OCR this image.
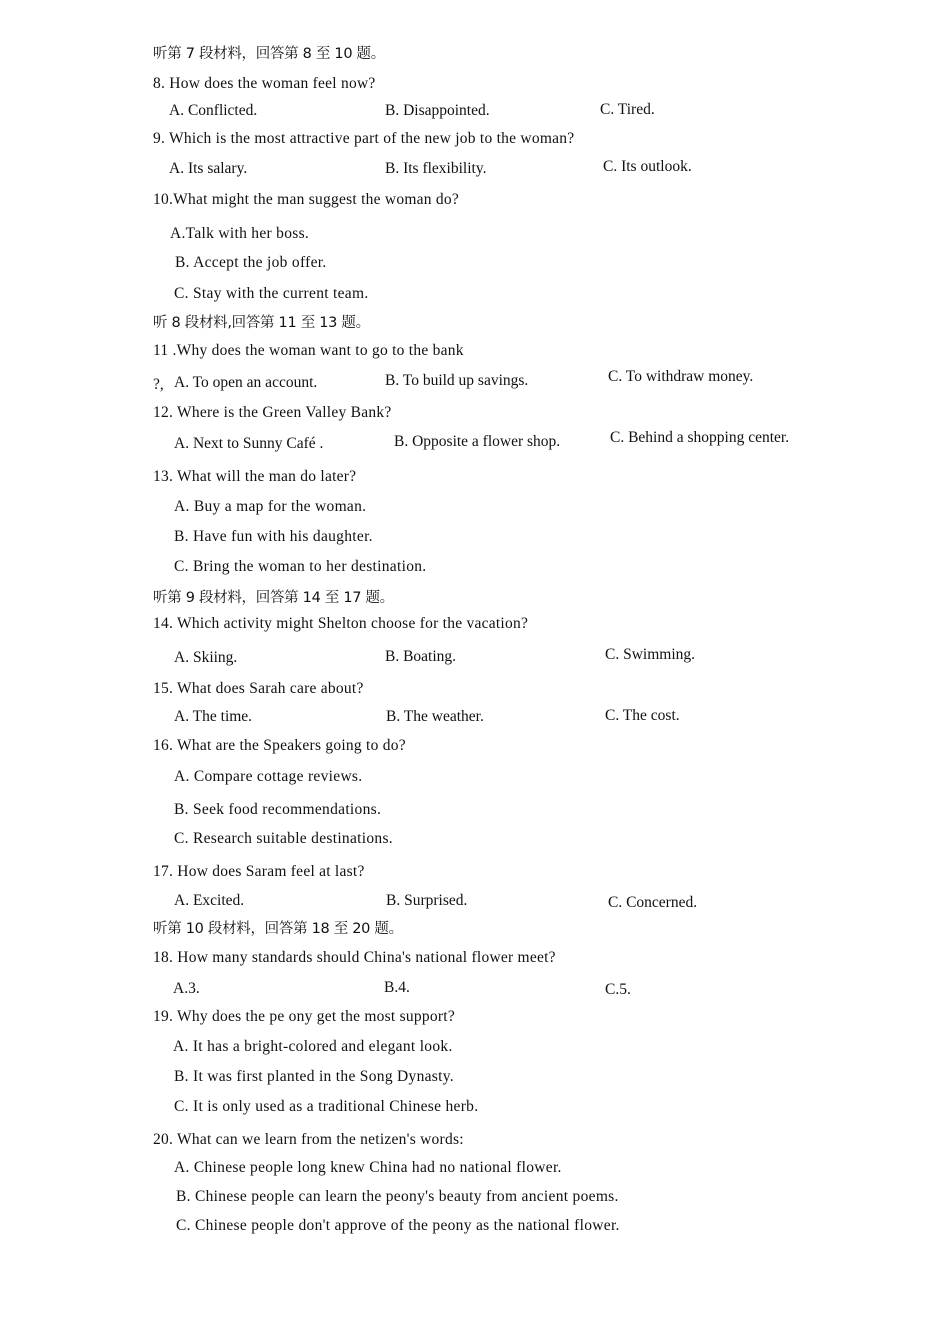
听第 7 段材料，回答第 8 至 10 题。
8. How does the woman feel now?
A. Conflicted.	B. Disappointed.	C. Tired.
9. Which is the most attractive part of the new job to the woman?
A. Its salary.	B. Its flexibility.	C. Its outlook.
10.What might the man suggest the woman do?
A.Talk with her boss.
B. Accept the job offer.
C. Stay with the current team.
听 8 段材料,回答第 11 至 13 题。
11 .Why does the woman want to go to the bank
?, A. To open an account.	B. To build up savings.	C. To withdraw money.
12. Where is the Green Valley Bank?
A. Next to Sunny Café .	B. Opposite a flower shop.	C. Behind a shopping center.
13. What will the man do later?
A. Buy a map for the woman.
B. Have fun with his daughter.
C. Bring the woman to her destination.
听第 9 段材料，回答第 14 至 17 题。
14. Which activity might Shelton choose for the vacation?
A. Skiing.	B. Boating.	C. Swimming.
15. What does Sarah care about?
A. The time.	B. The weather.	C. The cost.
16. What are the Speakers going to do?
A. Compare cottage reviews.
B. Seek food recommendations.
C. Research suitable destinations.
17. How does Saram feel at last?
A. Excited.	B. Surprised.	C. Concerned.
听第 10 段材料，回答第 18 至 20 题。
18. How many standards should China's national flower meet?
A.3.	B.4.	C.5.
19. Why does the pe ony get the most support?
A. It has a bright-colored and elegant look.
B. It was first planted in the Song Dynasty.
C. It is only used as a traditional Chinese herb.
20. What can we learn from the netizen's words:
A. Chinese people long knew China had no national flower.
B. Chinese people can learn the peony's beauty from ancient poems.
C. Chinese people don't approve of the peony as the national flower.
